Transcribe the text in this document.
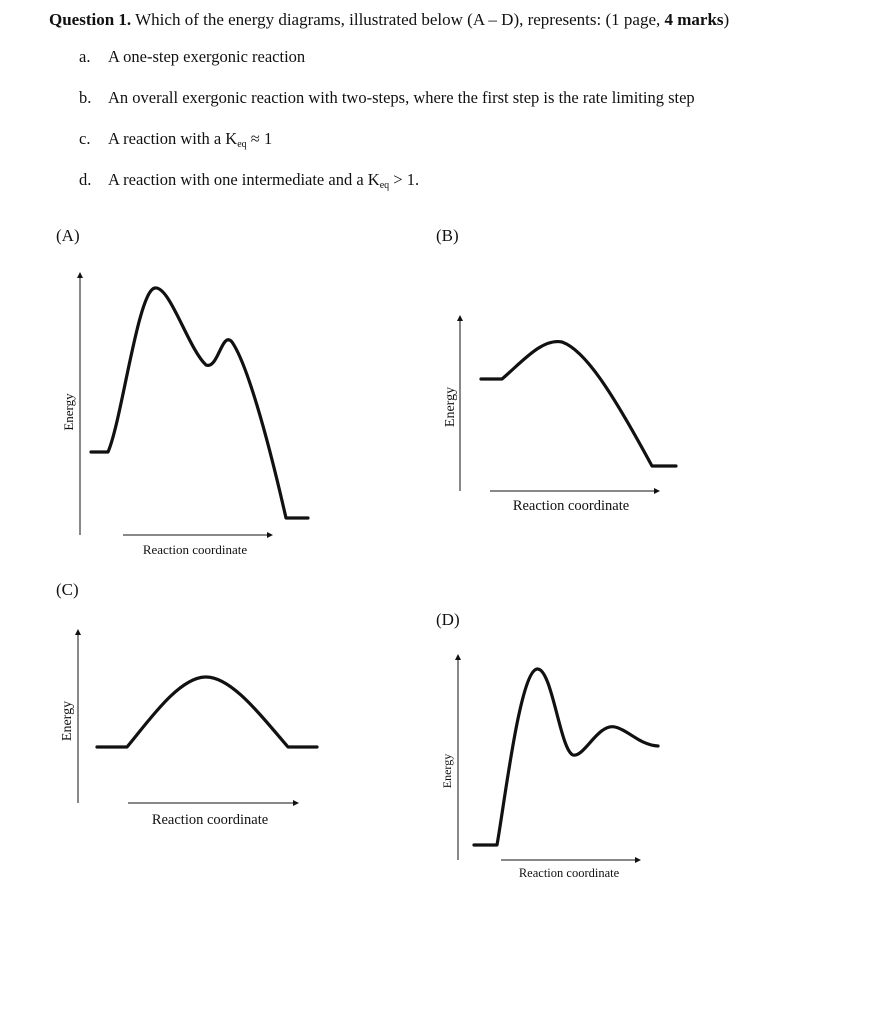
Question 1. Which of the energy diagrams, illustrated below (A – D), represents: (1 page, 4 marks)
a. A one-step exergonic reaction
b. An overall exergonic reaction with two-steps, where the first step is the rate limiting step
c. A reaction with a $K_{eq} \approx 1$
d. A reaction with one intermediate and a $K_{eq} > 1$.
(A)	(B)
(C)
(D)
Energy
Reaction coordinate
Energy
Reaction coordinate
Energy
Reaction coordinate
Energy
Reaction coordinate
